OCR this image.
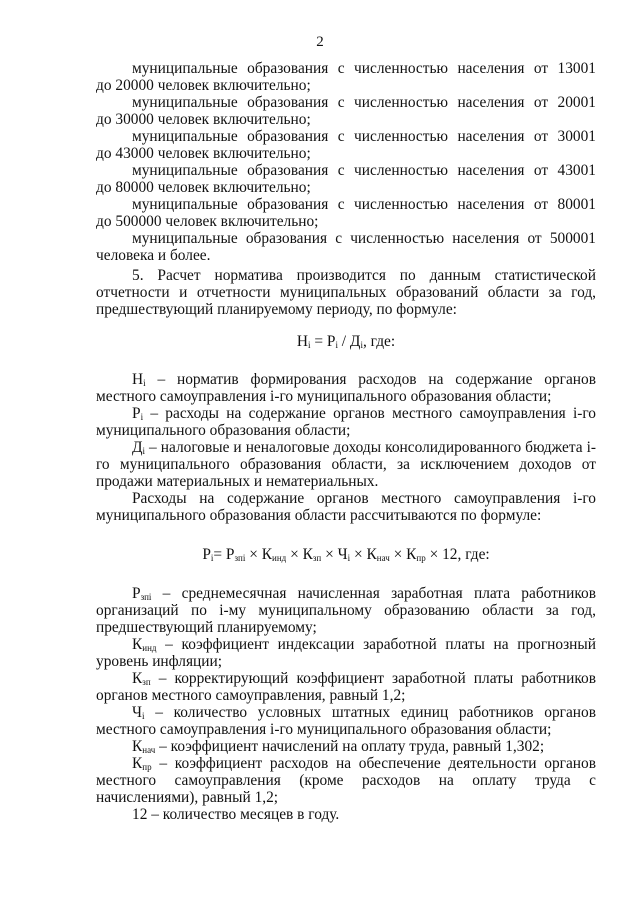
2
муниципальные образования с численностью населения от 13001
до 20000 человек включительно;
муниципальные образования с численностью населения от 20001
до 30000 человек включительно;
муниципальные образования с численностью населения от 30001
до 43000 человек включительно;
муниципальные образования с численностью населения от 43001
до 80000 человек включительно;
муниципальные образования с численностью населения от 80001
до 500000 человек включительно;

муниципальные образования с численностью населения от 500001 человека и более.

5. Расчет норматива производится по данным статистической отчетности и отчетности муниципальных образований области за год, предшествующий планируемому периоду, по формуле:

$Н_i = Р_i / Д_i$, где:

$Н_i$ – норматив формирования расходов на содержание органов местного самоуправления i-го муниципального образования области;

$Р_i$ – расходы на содержание органов местного самоуправления i-го муниципального образования области;

$Д_i$ – налоговые и неналоговые доходы консолидированного бюджета i-го муниципального образования области, за исключением доходов от продажи материальных и нематериальных.

Расходы на содержание органов местного самоуправления i-го муниципального образования области рассчитываются по формуле:

$Р_i= Р_{зпi} \times К_{инд} \times К_{зп} \times Ч_i \times К_{нач} \times К_{пр} \times 12$, где:

$Р_{зпi}$ – среднемесячная начисленная заработная плата работников организаций по i-му муниципальному образованию области за год, предшествующий планируемому;

$К_{инд}$ – коэффициент индексации заработной платы на прогнозный уровень инфляции;

$К_{зп}$ – корректирующий коэффициент заработной платы работников органов местного самоуправления, равный 1,2;

$Ч_i$ – количество условных штатных единиц работников органов местного самоуправления i-го муниципального образования области;

$К_{нач}$ – коэффициент начислений на оплату труда, равный 1,302;

$К_{пр}$ – коэффициент расходов на обеспечение деятельности органов местного самоуправления (кроме расходов на оплату труда с начислениями), равный 1,2;

12 – количество месяцев в году.
